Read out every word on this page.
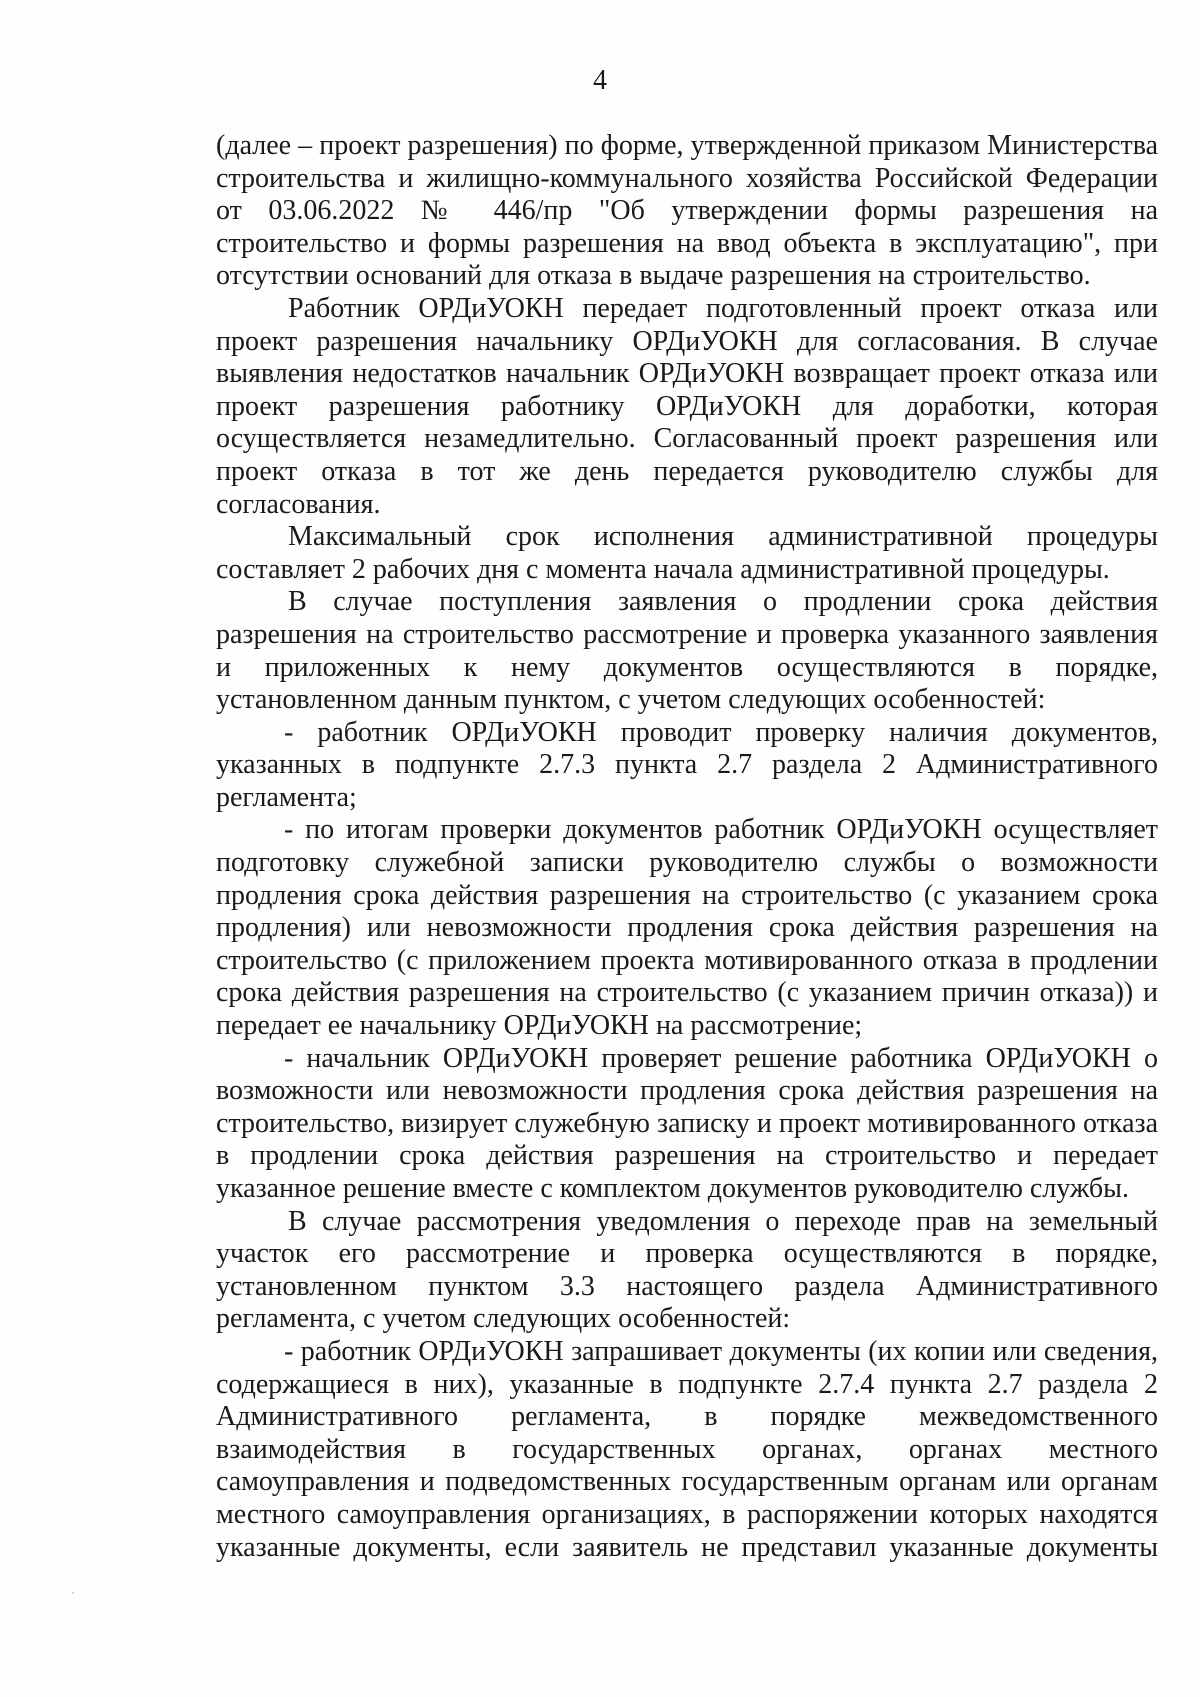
4

(далее – проект разрешения) по форме, утвержденной приказом Министерства строительства и жилищно-коммунального хозяйства Российской Федерации от 03.06.2022 № 446/пр "Об утверждении формы разрешения на строительство и формы разрешения на ввод объекта в эксплуатацию", при отсутствии оснований для отказа в выдаче разрешения на строительство.

Работник ОРДиУОКН передает подготовленный проект отказа или проект разрешения начальнику ОРДиУОКН для согласования. В случае выявления недостатков начальник ОРДиУОКН возвращает проект отказа или проект разрешения работнику ОРДиУОКН для доработки, которая осуществляется незамедлительно. Согласованный проект разрешения или проект отказа в тот же день передается руководителю службы для согласования.

Максимальный срок исполнения административной процедуры составляет 2 рабочих дня с момента начала административной процедуры.

В случае поступления заявления о продлении срока действия разрешения на строительство рассмотрение и проверка указанного заявления и приложенных к нему документов осуществляются в порядке, установленном данным пунктом, с учетом следующих особенностей:

- работник ОРДиУОКН проводит проверку наличия документов, указанных в подпункте 2.7.3 пункта 2.7 раздела 2 Административного регламента;

- по итогам проверки документов работник ОРДиУОКН осуществляет подготовку служебной записки руководителю службы о возможности продления срока действия разрешения на строительство (с указанием срока продления) или невозможности продления срока действия разрешения на строительство (с приложением проекта мотивированного отказа в продлении срока действия разрешения на строительство (с указанием причин отказа)) и передает ее начальнику ОРДиУОКН на рассмотрение;

- начальник ОРДиУОКН проверяет решение работника ОРДиУОКН о возможности или невозможности продления срока действия разрешения на строительство, визирует служебную записку и проект мотивированного отказа в продлении срока действия разрешения на строительство и передает указанное решение вместе с комплектом документов руководителю службы.

В случае рассмотрения уведомления о переходе прав на земельный участок его рассмотрение и проверка осуществляются в порядке, установленном пунктом 3.3 настоящего раздела Административного регламента, с учетом следующих особенностей:

- работник ОРДиУОКН запрашивает документы (их копии или сведения, содержащиеся в них), указанные в подпункте 2.7.4 пункта 2.7 раздела 2 Административного регламента, в порядке межведомственного взаимодействия в государственных органах, органах местного самоуправления и подведомственных государственным органам или органам местного самоуправления организациях, в распоряжении которых находятся указанные документы, если заявитель не представил указанные документы
